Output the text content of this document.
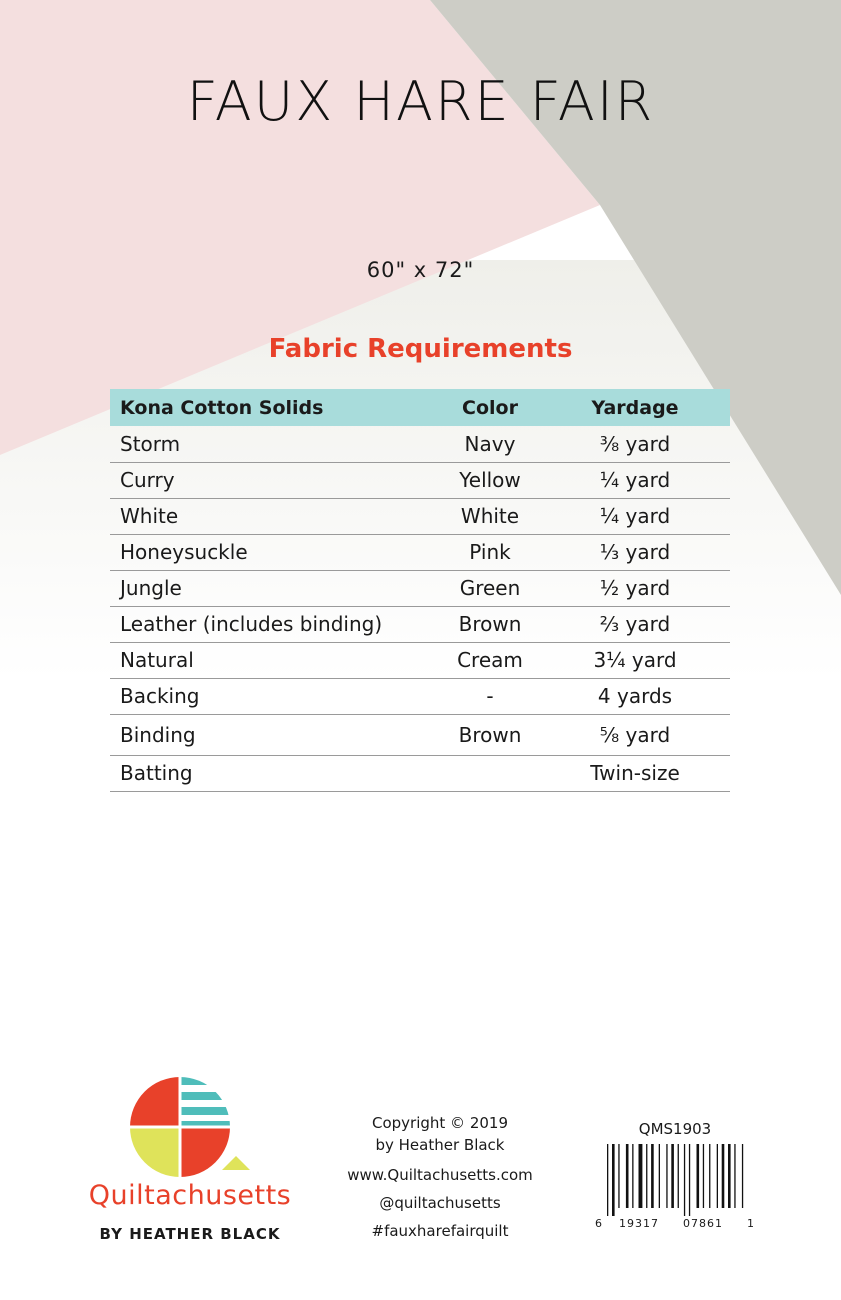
FAUX HARE FAIR
60" x 72"
Fabric Requirements
Kona Cotton Solids	Color	Yardage
Storm	Navy	³⁄₈ yard
Curry	Yellow	¼ yard
White	White	¼ yard
Honeysuckle	Pink	¹⁄₃ yard
Jungle	Green	½ yard
Leather (includes binding)	Brown	²⁄₃ yard
Natural	Cream	3¼ yard
Backing	-	4 yards
Binding	Brown	⁵⁄₈ yard
Batting		Twin-size
Quiltachusetts
BY HEATHER BLACK
Copyright © 2019
by Heather Black
www.Quiltachusetts.com
@quiltachusetts
#fauxharefairquilt
QMS1903
6 19317 07861 1
